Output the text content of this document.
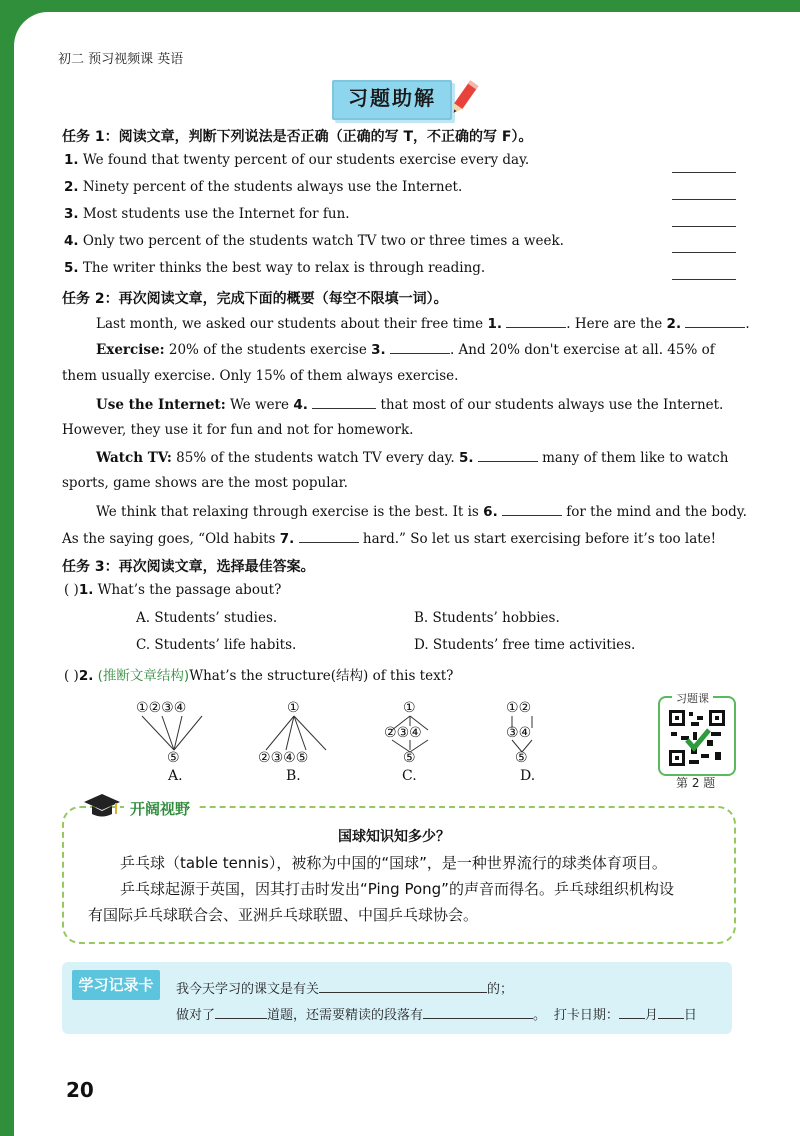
初二 预习视频课 英语
习题助解
任务 1：阅读文章，判断下列说法是否正确（正确的写 T，不正确的写 F）。
1. We found that twenty percent of our students exercise every day.
2. Ninety percent of the students always use the Internet.
3. Most students use the Internet for fun.
4. Only two percent of the students watch TV two or three times a week.
5. The writer thinks the best way to relax is through reading.
任务 2：再次阅读文章，完成下面的概要（每空不限填一词）。
Last month, we asked our students about their free time 1.	. Here are the 2.	.
Exercise: 20% of the students exercise 3.	. And 20% don't exercise at all. 45% of
them usually exercise. Only 15% of them always exercise.
Use the Internet: We were 4.	that most of our students always use the Internet.
However, they use it for fun and not for homework.
Watch TV: 85% of the students watch TV every day. 5.	many of them like to watch
sports, game shows are the most popular.
We think that relaxing through exercise is the best. It is 6.	for the mind and the body.
As the saying goes, “Old habits 7.	hard.” So let us start exercising before it’s too late!
任务 3：再次阅读文章，选择最佳答案。
( )1. What’s the passage about?
A. Students’ studies.	B. Students’ hobbies.
C. Students’ life habits.	D. Students’ free time activities.
( )2. (推断文章结构)What’s the structure(结构) of this text?
①②③④
⑤
①
②③④⑤
①
②③④
⑤
①②
③④
⑤
A.	B.	C.	D.
习题课
第 2 题
开阔视野
国球知识知多少？
乒乓球（table tennis），被称为中国的“国球”，是一种世界流行的球类体育项目。
乒乓球起源于英国，因其打击时发出“Ping Pong”的声音而得名。乒乓球组织机构设
有国际乒乓球联合会、亚洲乒乓球联盟、中国乒乓球协会。
学习记录卡	我今天学习的课文是有关	的；
做对了	道题，还需要精读的段落有	。 打卡日期： 月 日
20
